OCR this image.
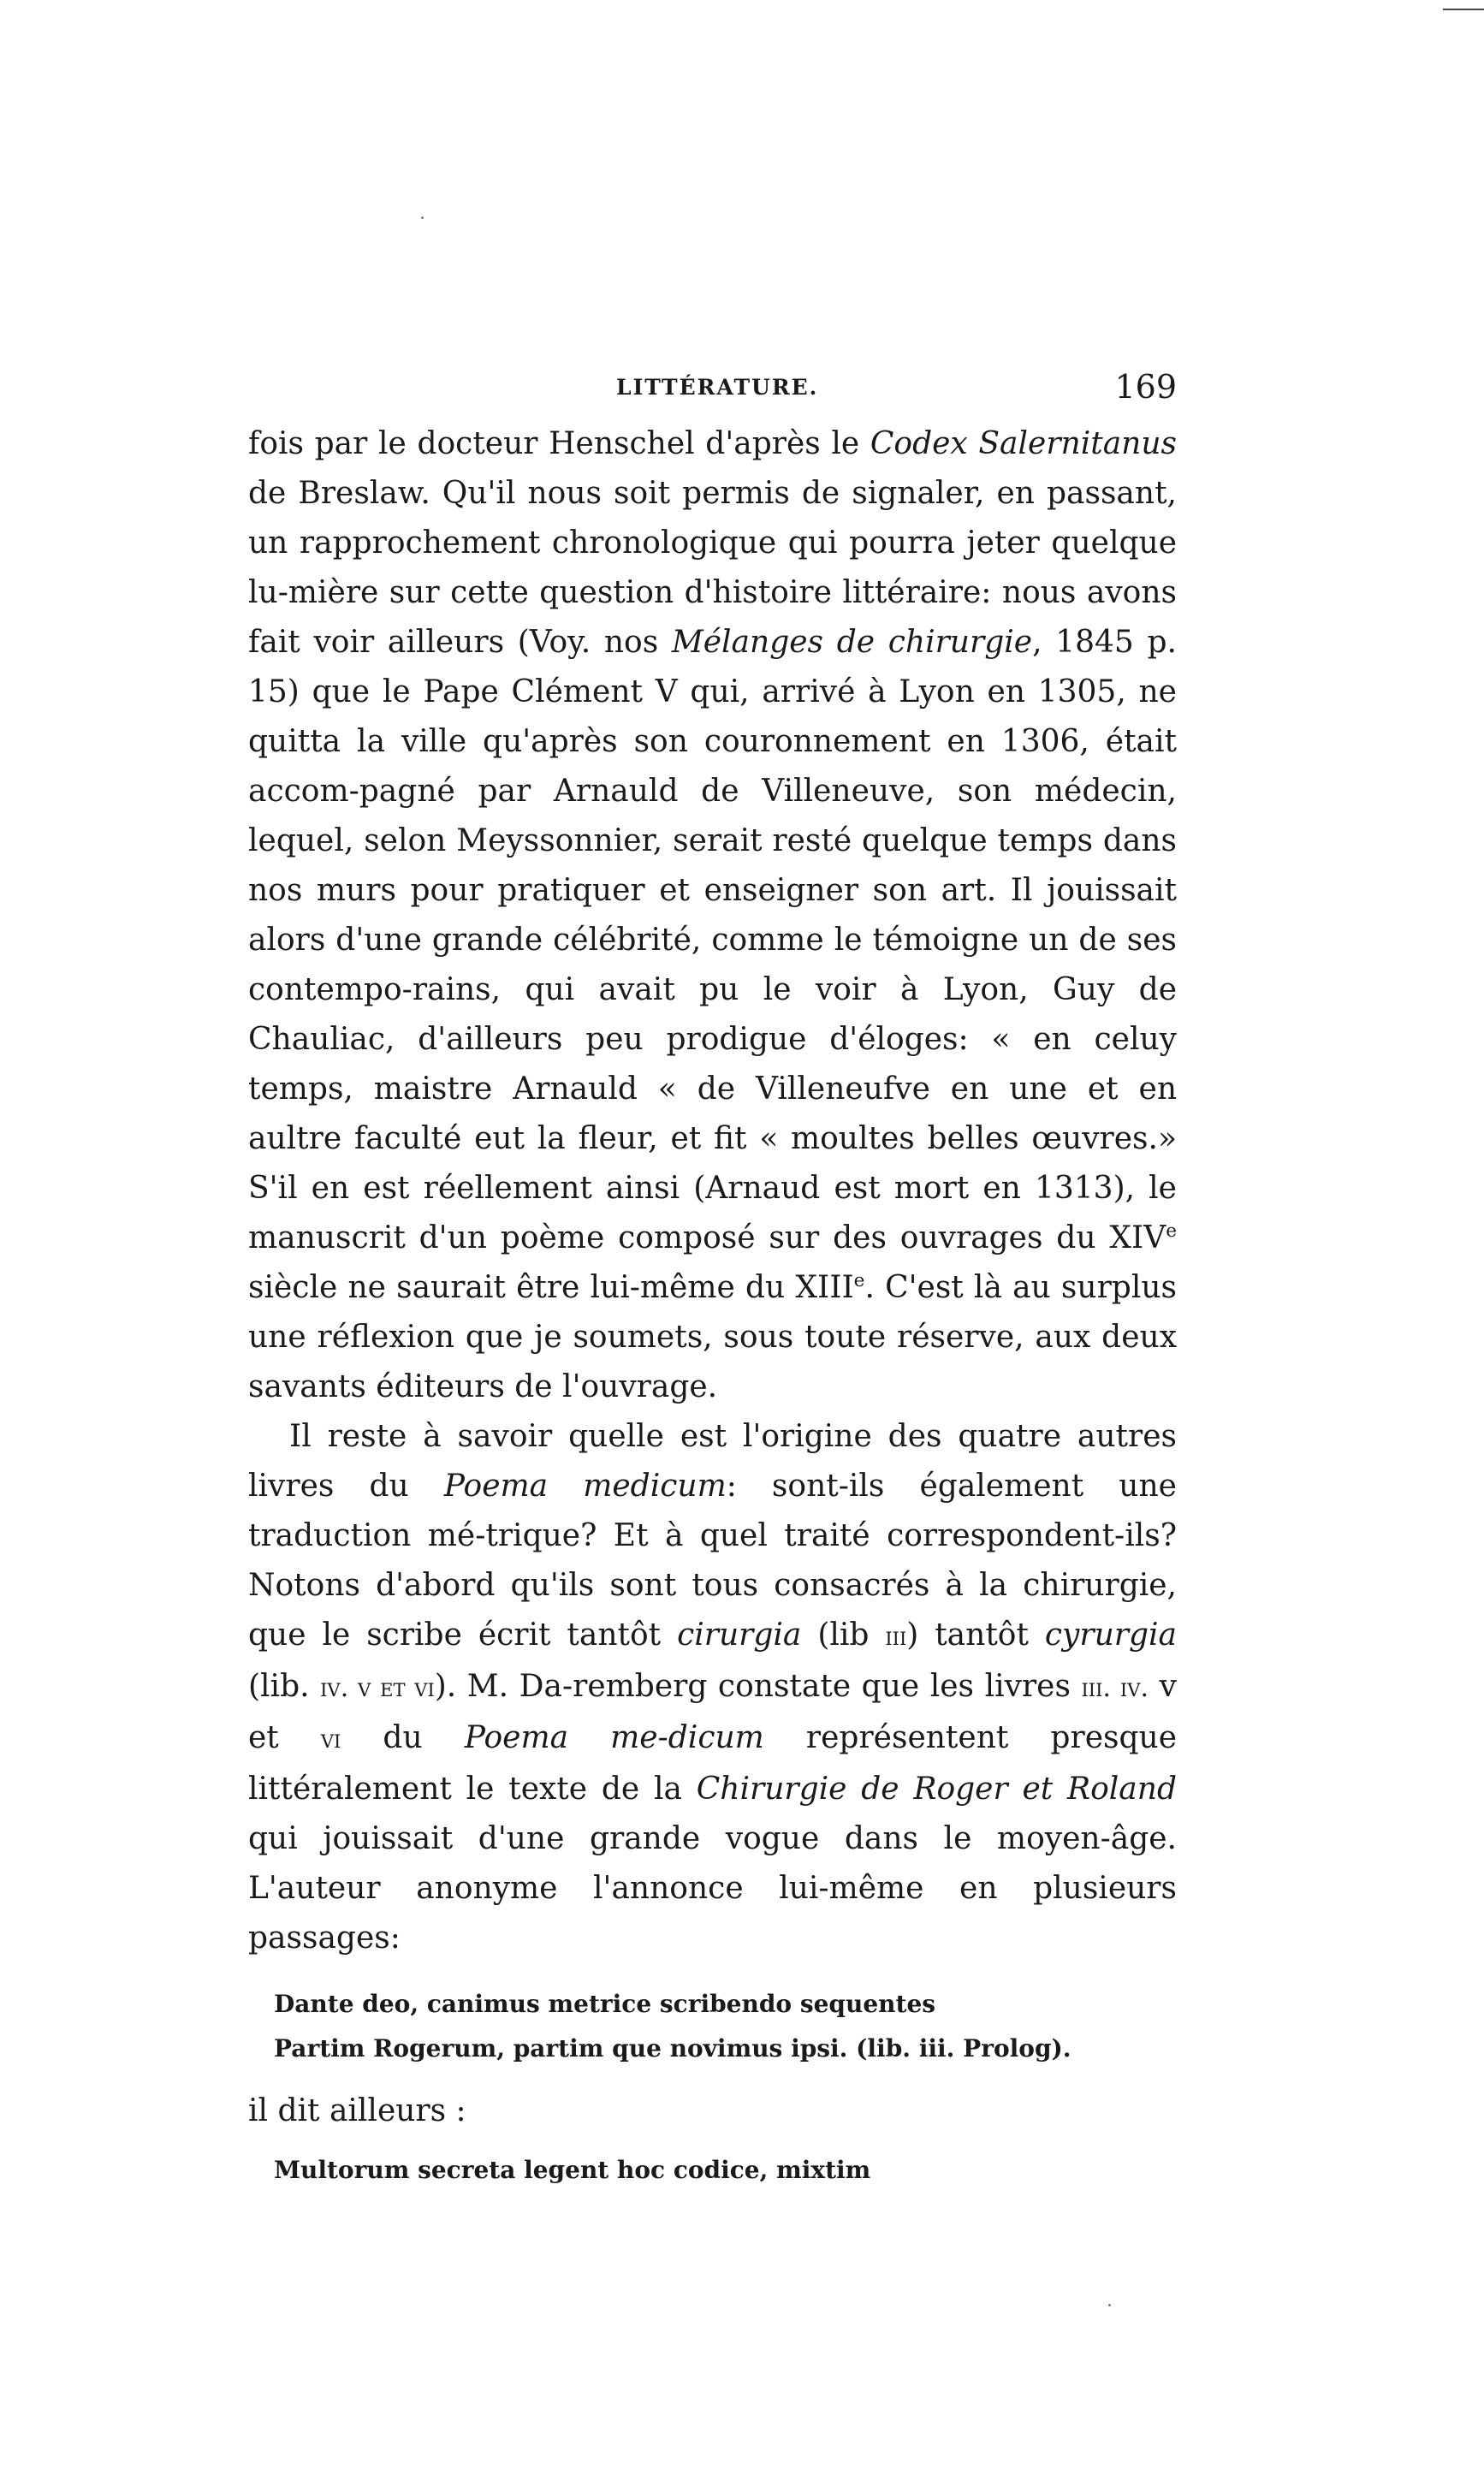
LITTÉRATURE.	169

fois par le docteur Henschel d'après le Codex Salernitanus de Breslaw. Qu'il nous soit permis de signaler, en passant, un rapprochement chronologique qui pourra jeter quelque lu-mière sur cette question d'histoire littéraire: nous avons fait voir ailleurs (Voy. nos Mélanges de chirurgie, 1845 p. 15) que le Pape Clément V qui, arrivé à Lyon en 1305, ne quitta la ville qu'après son couronnement en 1306, était accom-pagné par Arnauld de Villeneuve, son médecin, lequel, selon Meyssonnier, serait resté quelque temps dans nos murs pour pratiquer et enseigner son art. Il jouissait alors d'une grande célébrité, comme le témoigne un de ses contempo-rains, qui avait pu le voir à Lyon, Guy de Chauliac, d'ailleurs peu prodigue d'éloges: « en celuy temps, maistre Arnauld « de Villeneufve en une et en aultre faculté eut la fleur, et fit « moultes belles œuvres.» S'il en est réellement ainsi (Arnaud est mort en 1313), le manuscrit d'un poème composé sur des ouvrages du XIVe siècle ne saurait être lui-même du XIIIe. C'est là au surplus une réflexion que je soumets, sous toute réserve, aux deux savants éditeurs de l'ouvrage.

Il reste à savoir quelle est l'origine des quatre autres livres du Poema medicum: sont-ils également une traduction mé-trique? Et à quel traité correspondent-ils? Notons d'abord qu'ils sont tous consacrés à la chirurgie, que le scribe écrit tantôt cirurgia (lib iii) tantôt cyrurgia (lib. iv. v et vi). M. Da-remberg constate que les livres iii. iv. v et vi du Poema me-dicum représentent presque littéralement le texte de la Chirurgie de Roger et Roland qui jouissait d'une grande vogue dans le moyen-âge. L'auteur anonyme l'annonce lui-même en plusieurs passages:

Dante deo, canimus metrice scribendo sequentes
Partim Rogerum, partim que novimus ipsi. (lib. iii. Prolog).

il dit ailleurs :

Multorum secreta legent hoc codice, mixtim
